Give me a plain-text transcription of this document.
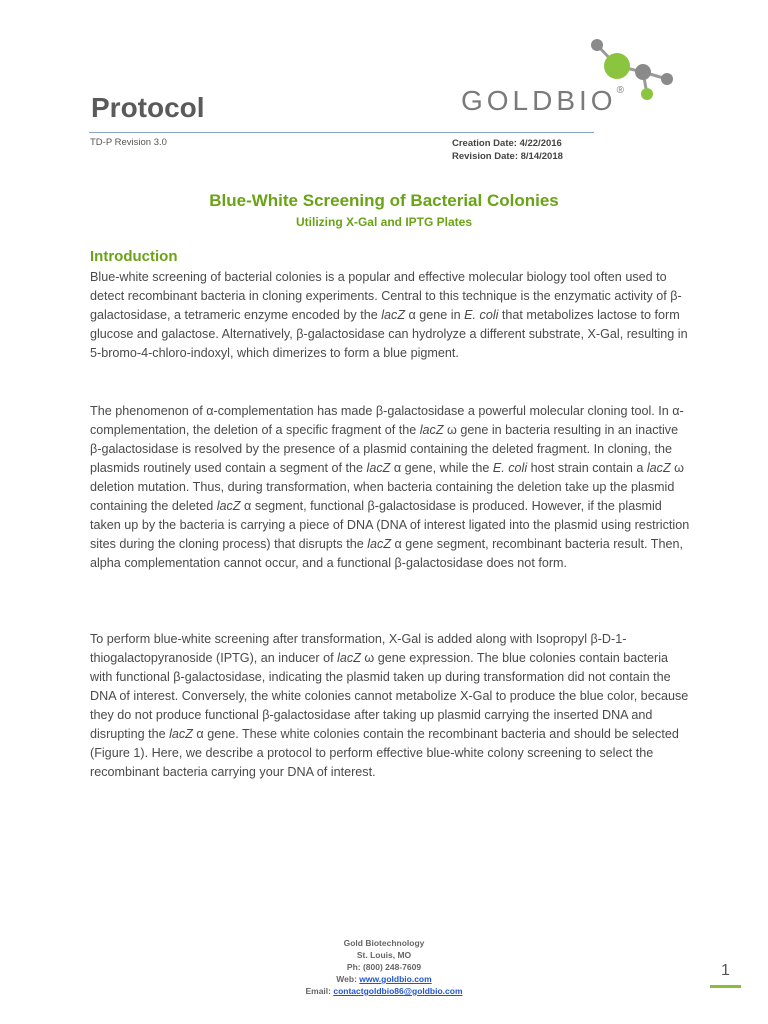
Protocol
TD-P Revision 3.0	Creation Date: 4/22/2016
Revision Date: 8/14/2018
GOLDBIO®
Blue-White Screening of Bacterial Colonies
Utilizing X-Gal and IPTG Plates
Introduction
Blue-white screening of bacterial colonies is a popular and effective molecular biology tool often used to detect recombinant bacteria in cloning experiments. Central to this technique is the enzymatic activity of β-galactosidase, a tetrameric enzyme encoded by the lacZ α gene in E. coli that metabolizes lactose to form glucose and galactose. Alternatively, β-galactosidase can hydrolyze a different substrate, X-Gal, resulting in 5-bromo-4-chloro-indoxyl, which dimerizes to form a blue pigment.
The phenomenon of α-complementation has made β-galactosidase a powerful molecular cloning tool. In α-complementation, the deletion of a specific fragment of the lacZ ω gene in bacteria resulting in an inactive β-galactosidase is resolved by the presence of a plasmid containing the deleted fragment. In cloning, the plasmids routinely used contain a segment of the lacZ α gene, while the E. coli host strain contain a lacZ ω deletion mutation. Thus, during transformation, when bacteria containing the deletion take up the plasmid containing the deleted lacZ α segment, functional β-galactosidase is produced. However, if the plasmid taken up by the bacteria is carrying a piece of DNA (DNA of interest ligated into the plasmid using restriction sites during the cloning process) that disrupts the lacZ α gene segment, recombinant bacteria result. Then, alpha complementation cannot occur, and a functional β-galactosidase does not form.
To perform blue-white screening after transformation, X-Gal is added along with Isopropyl β-D-1-thiogalactopyranoside (IPTG), an inducer of lacZ ω gene expression. The blue colonies contain bacteria with functional β-galactosidase, indicating the plasmid taken up during transformation did not contain the DNA of interest. Conversely, the white colonies cannot metabolize X-Gal to produce the blue color, because they do not produce functional β-galactosidase after taking up plasmid carrying the inserted DNA and disrupting the lacZ α gene. These white colonies contain the recombinant bacteria and should be selected (Figure 1). Here, we describe a protocol to perform effective blue-white colony screening to select the recombinant bacteria carrying your DNA of interest.
Gold Biotechnology
St. Louis, MO
Ph: (800) 248-7609
Web: www.goldbio.com
Email: contactgoldbio86@goldbio.com
1
